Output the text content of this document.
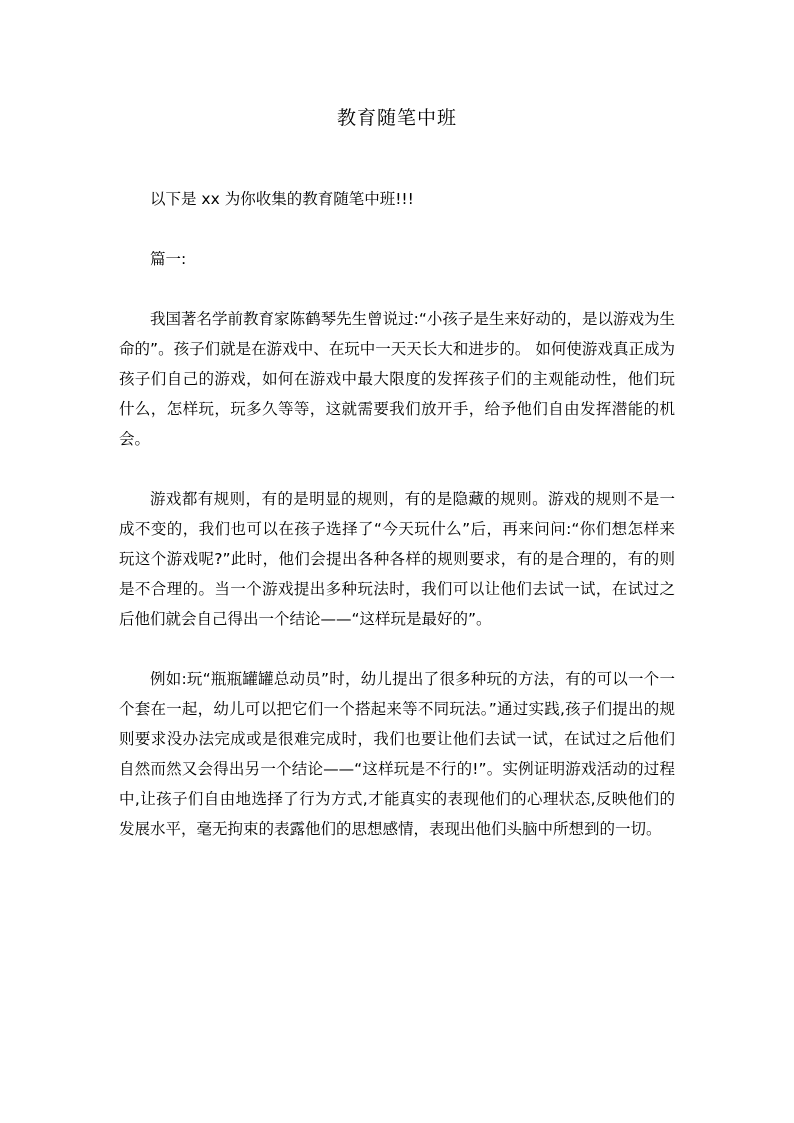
教育随笔中班

以下是 xx 为你收集的教育随笔中班!!!

篇一:

我国著名学前教育家陈鹤琴先生曾说过:“小孩子是生来好动的，是以游戏为生命的”。孩子们就是在游戏中、在玩中一天天长大和进步的。 如何使游戏真正成为孩子们自己的游戏，如何在游戏中最大限度的发挥孩子们的主观能动性，他们玩什么，怎样玩，玩多久等等，这就需要我们放开手，给予他们自由发挥潜能的机会。

游戏都有规则，有的是明显的规则，有的是隐藏的规则。游戏的规则不是一成不变的，我们也可以在孩子选择了“今天玩什么”后，再来问问:“你们想怎样来玩这个游戏呢?”此时，他们会提出各种各样的规则要求，有的是合理的，有的则是不合理的。当一个游戏提出多种玩法时，我们可以让他们去试一试，在试过之后他们就会自己得出一个结论——“这样玩是最好的”。

例如:玩“瓶瓶罐罐总动员”时，幼儿提出了很多种玩的方法，有的可以一个一个套在一起，幼儿可以把它们一个搭起来等不同玩法。”通过实践,孩子们提出的规则要求没办法完成或是很难完成时，我们也要让他们去试一试，在试过之后他们自然而然又会得出另一个结论——“这样玩是不行的!”。实例证明游戏活动的过程中,让孩子们自由地选择了行为方式,才能真实的表现他们的心理状态,反映他们的发展水平，毫无拘束的表露他们的思想感情，表现出他们头脑中所想到的一切。
